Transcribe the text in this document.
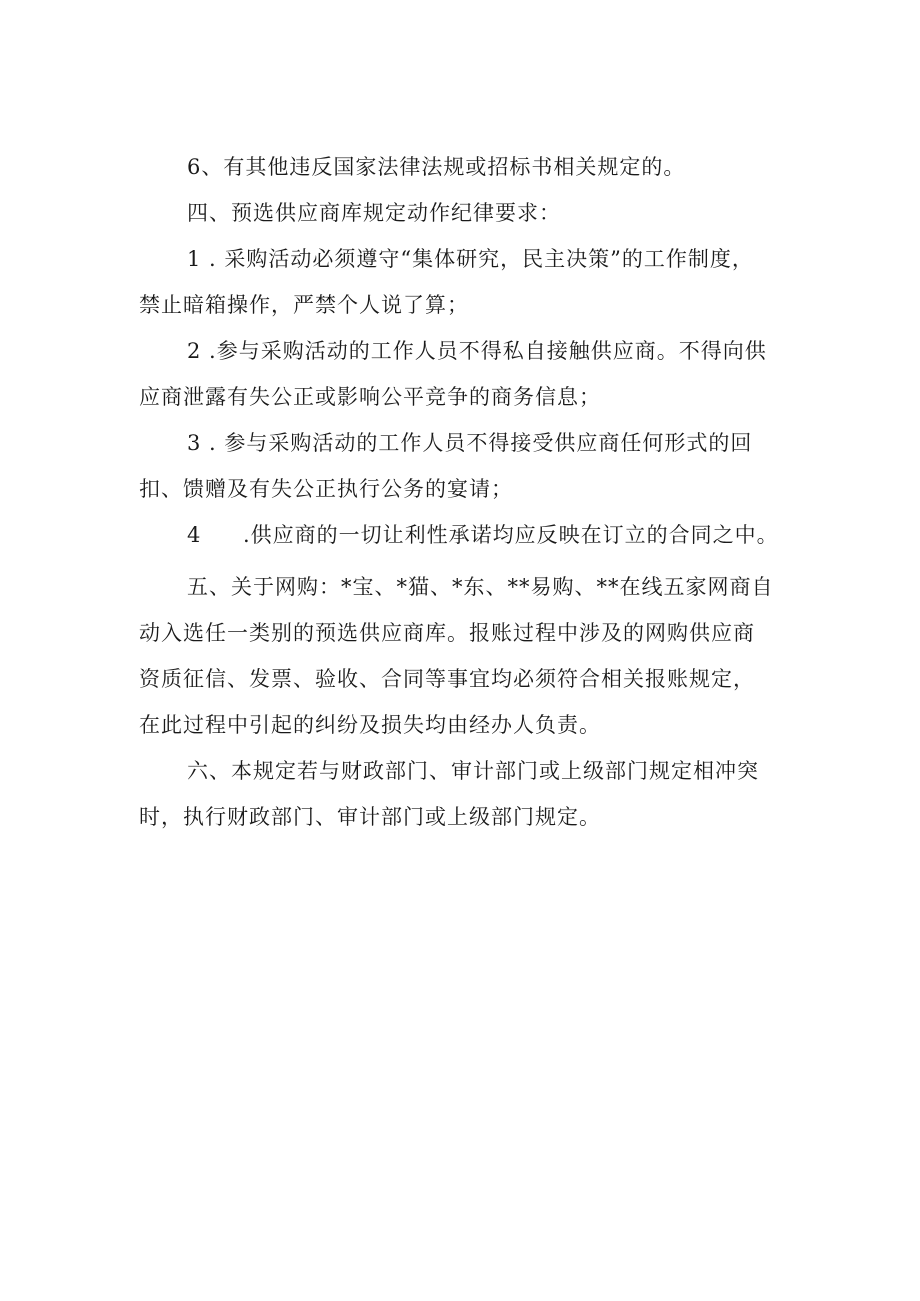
6、有其他违反国家法律法规或招标书相关规定的。
四、预选供应商库规定动作纪律要求：
1 . 采购活动必须遵守“集体研究，民主决策”的工作制度，
禁止暗箱操作，严禁个人说了算；
2 .参与采购活动的工作人员不得私自接触供应商。不得向供
应商泄露有失公正或影响公平竞争的商务信息；
3 . 参与采购活动的工作人员不得接受供应商任何形式的回
扣、馈赠及有失公正执行公务的宴请；
4 .供应商的一切让利性承诺均应反映在订立的合同之中。
五、关于网购：*宝、*猫、*东、**易购、**在线五家网商自
动入选任一类别的预选供应商库。报账过程中涉及的网购供应商
资质征信、发票、验收、合同等事宜均必须符合相关报账规定，
在此过程中引起的纠纷及损失均由经办人负责。
六、本规定若与财政部门、审计部门或上级部门规定相冲突
时，执行财政部门、审计部门或上级部门规定。
